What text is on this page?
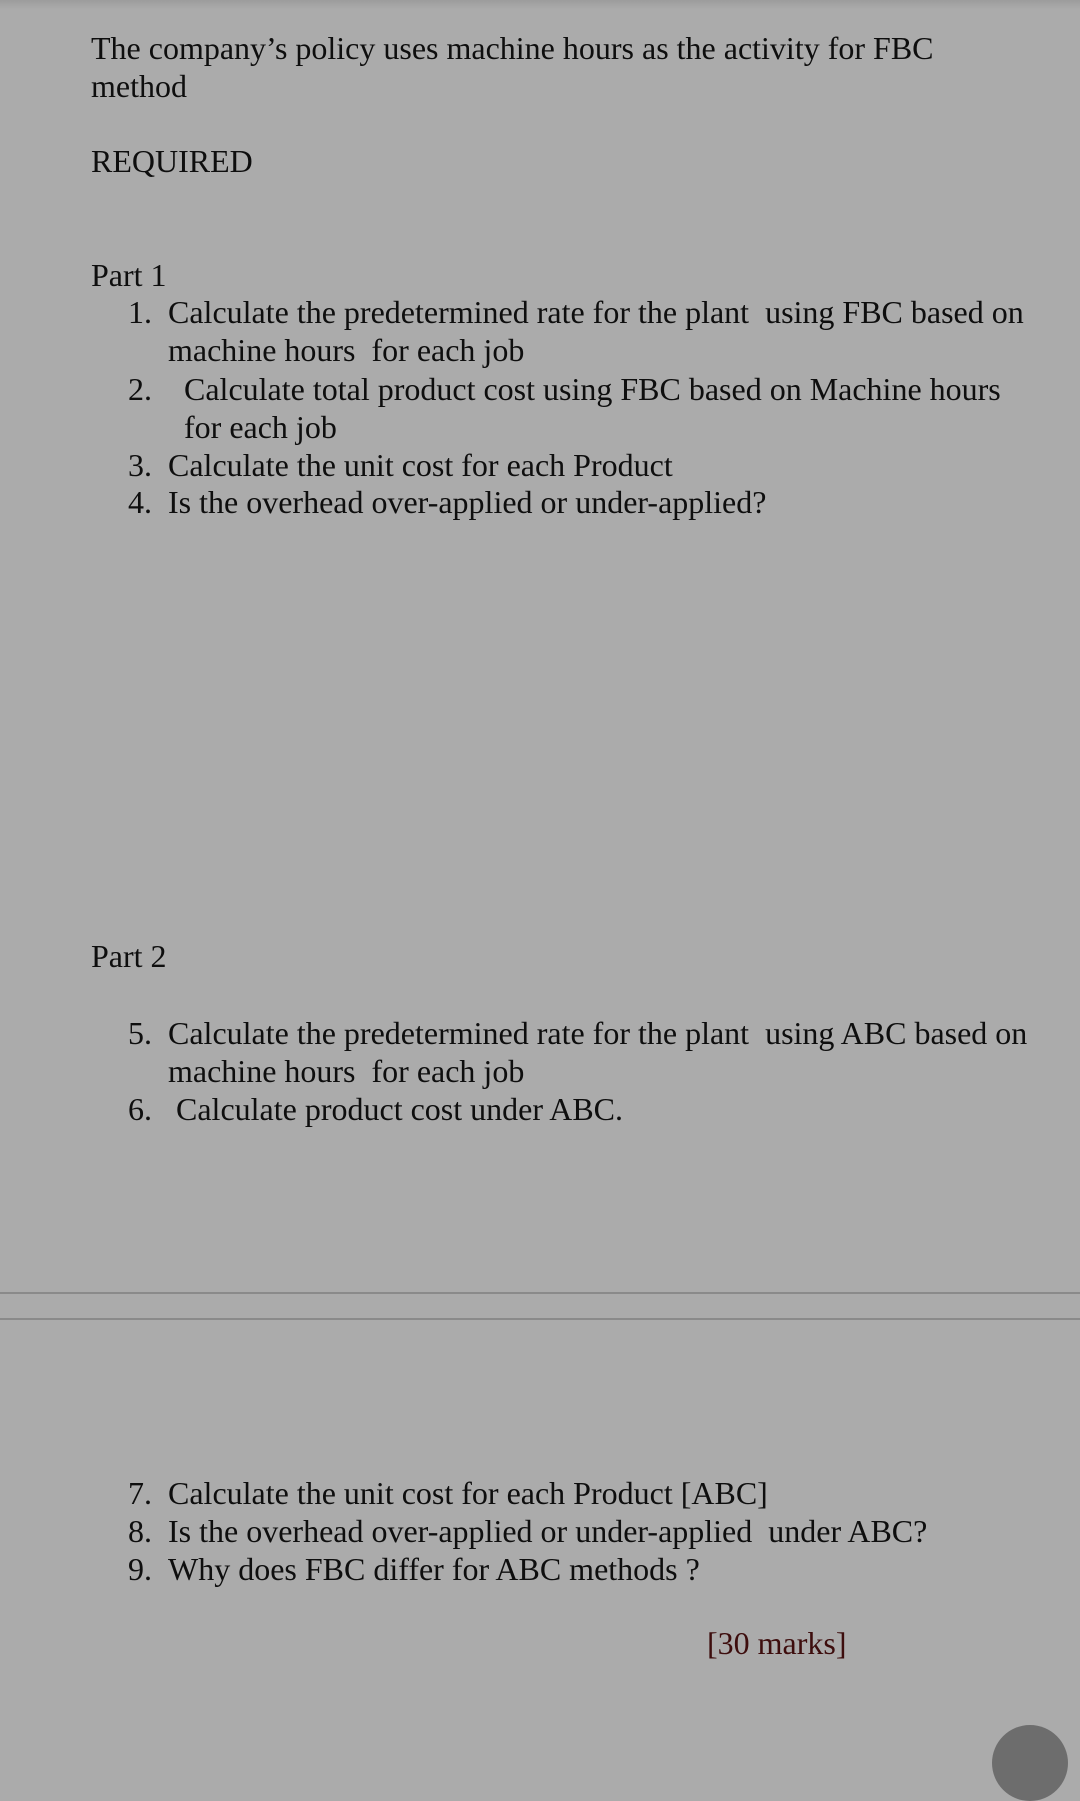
The company’s policy uses machine hours as the activity for FBC method

REQUIRED

Part 1

1. Calculate the predetermined rate for the plant  using FBC based on machine hours  for each job
2. Calculate total product cost using FBC based on Machine hours  for each job
3. Calculate the unit cost for each Product
4. Is the overhead over-applied or under-applied?

Part 2

5. Calculate the predetermined rate for the plant  using ABC based on machine hours  for each job
6. Calculate product cost under ABC.
7. Calculate the unit cost for each Product [ABC]
8. Is the overhead over-applied or under-applied  under ABC?
9. Why does FBC differ for ABC methods ?
[30 marks]
